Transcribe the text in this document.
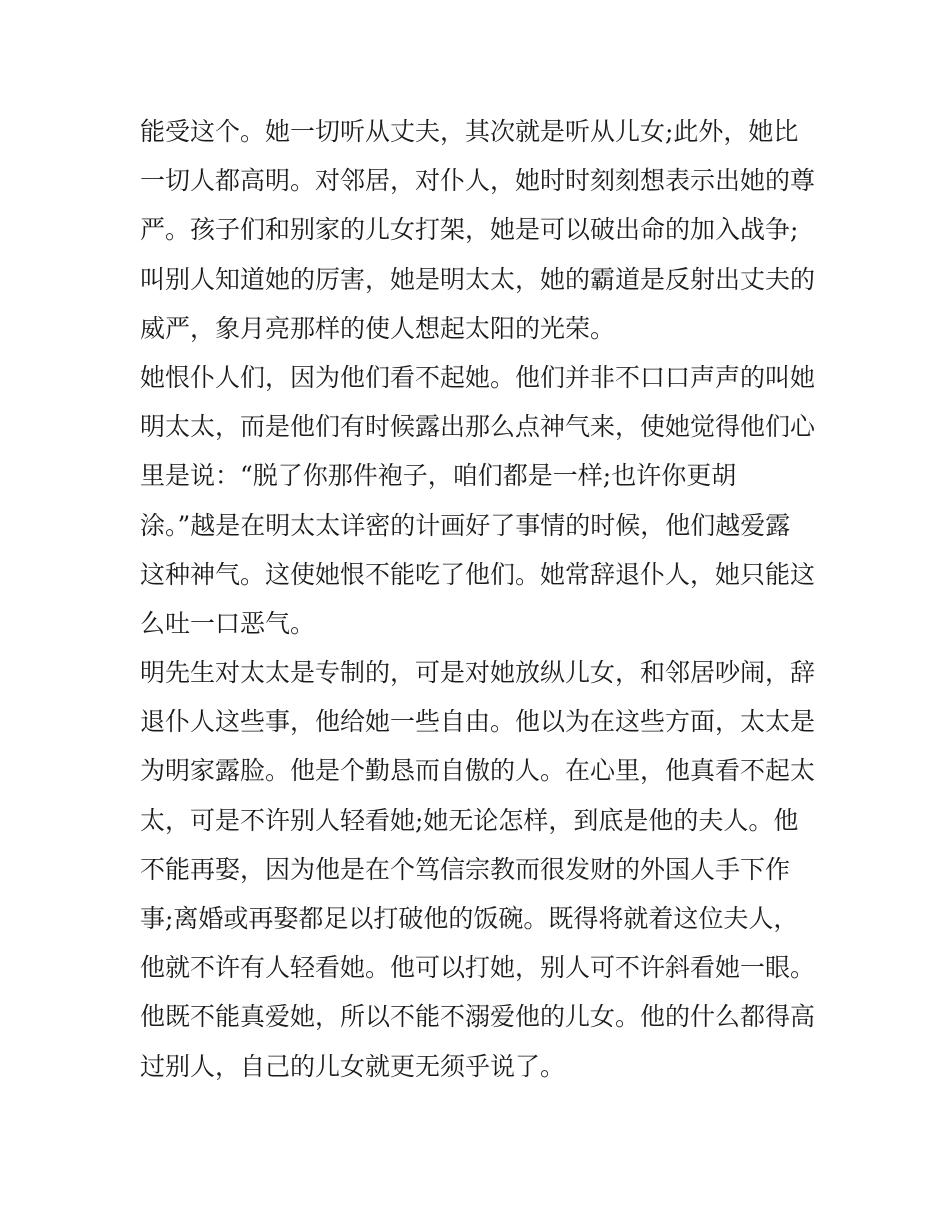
能受这个。她一切听从丈夫，其次就是听从儿女;此外，她比
一切人都高明。对邻居，对仆人，她时时刻刻想表示出她的尊
严。孩子们和别家的儿女打架，她是可以破出命的加入战争;
叫别人知道她的厉害，她是明太太，她的霸道是反射出丈夫的
威严，象月亮那样的使人想起太阳的光荣。
她恨仆人们，因为他们看不起她。他们并非不口口声声的叫她
明太太，而是他们有时候露出那么点神气来，使她觉得他们心
里是说：“脱了你那件袍子，咱们都是一样;也许你更胡
涂。”越是在明太太详密的计画好了事情的时候，他们越爱露
这种神气。这使她恨不能吃了他们。她常辞退仆人，她只能这
么吐一口恶气。
明先生对太太是专制的，可是对她放纵儿女，和邻居吵闹，辞
退仆人这些事，他给她一些自由。他以为在这些方面，太太是
为明家露脸。他是个勤恳而自傲的人。在心里，他真看不起太
太，可是不许别人轻看她;她无论怎样，到底是他的夫人。他
不能再娶，因为他是在个笃信宗教而很发财的外国人手下作
事;离婚或再娶都足以打破他的饭碗。既得将就着这位夫人，
他就不许有人轻看她。他可以打她，别人可不许斜看她一眼。
他既不能真爱她，所以不能不溺爱他的儿女。他的什么都得高
过别人，自己的儿女就更无须乎说了。
